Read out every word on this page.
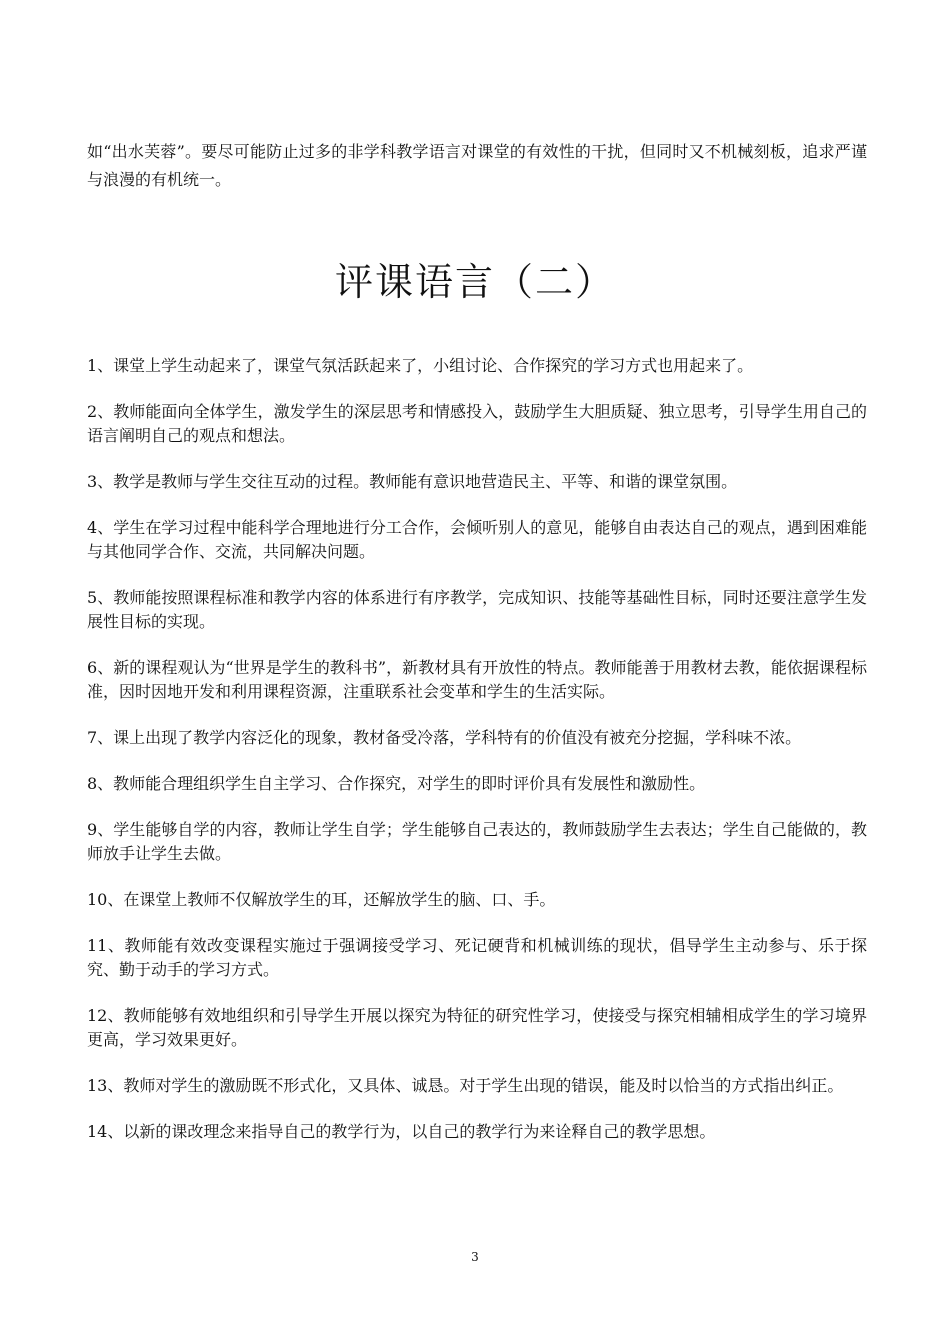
如“出水芙蓉”。要尽可能防止过多的非学科教学语言对课堂的有效性的干扰，但同时又不机械刻板，追求严谨与浪漫的有机统一。

评课语言（二）
1、课堂上学生动起来了，课堂气氛活跃起来了，小组讨论、合作探究的学习方式也用起来了。
2、教师能面向全体学生，激发学生的深层思考和情感投入，鼓励学生大胆质疑、独立思考，引导学生用自己的语言阐明自己的观点和想法。
3、教学是教师与学生交往互动的过程。教师能有意识地营造民主、平等、和谐的课堂氛围。
4、学生在学习过程中能科学合理地进行分工合作，会倾听别人的意见，能够自由表达自己的观点，遇到困难能与其他同学合作、交流，共同解决问题。
5、教师能按照课程标准和教学内容的体系进行有序教学，完成知识、技能等基础性目标，同时还要注意学生发展性目标的实现。
6、新的课程观认为“世界是学生的教科书”，新教材具有开放性的特点。教师能善于用教材去教，能依据课程标准，因时因地开发和利用课程资源，注重联系社会变革和学生的生活实际。
7、课上出现了教学内容泛化的现象，教材备受冷落，学科特有的价值没有被充分挖掘，学科味不浓。
8、教师能合理组织学生自主学习、合作探究，对学生的即时评价具有发展性和激励性。
9、学生能够自学的内容，教师让学生自学；学生能够自己表达的，教师鼓励学生去表达；学生自己能做的，教师放手让学生去做。
10、在课堂上教师不仅解放学生的耳，还解放学生的脑、口、手。
11、教师能有效改变课程实施过于强调接受学习、死记硬背和机械训练的现状，倡导学生主动参与、乐于探究、勤于动手的学习方式。
12、教师能够有效地组织和引导学生开展以探究为特征的研究性学习，使接受与探究相辅相成学生的学习境界更高，学习效果更好。
13、教师对学生的激励既不形式化，又具体、诚恳。对于学生出现的错误，能及时以恰当的方式指出纠正。
14、以新的课改理念来指导自己的教学行为，以自己的教学行为来诠释自己的教学思想。
3
